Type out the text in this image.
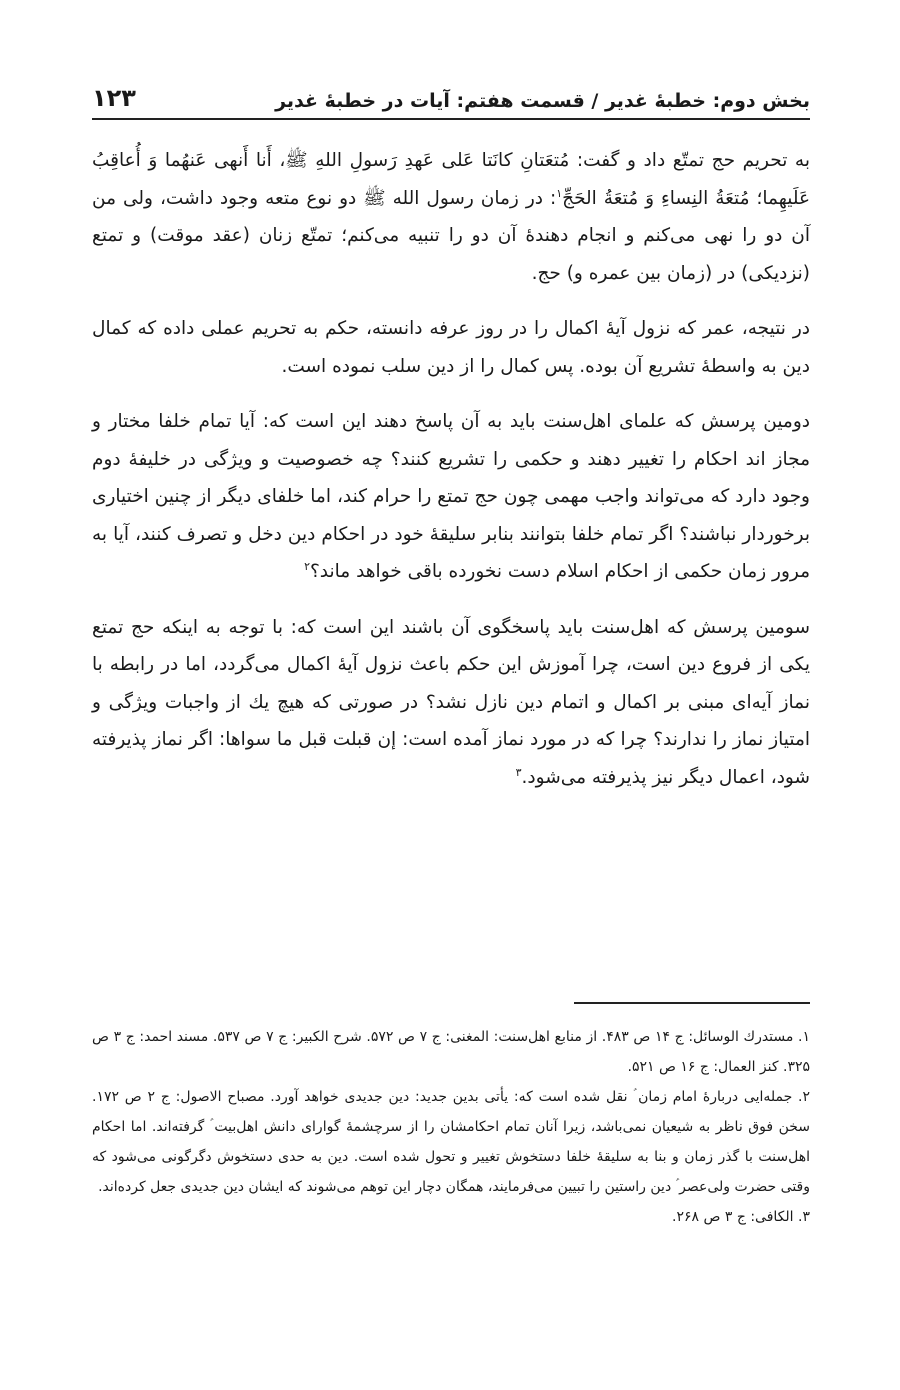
بخش دوم: خطبۀ غدیر / قسمت هفتم: آیات در خطبۀ غدیر
۱۲۳

به تحریم حج تمتّع داد و گفت: مُتعَتانِ كانَتا عَلی عَهدِ رَسولِ اللهِ ﷺ، أَنا أَنهی عَنهُما وَ أُعاقِبُ عَلَیهِما؛ مُتعَةُ النِساءِ وَ مُتعَةُ الحَجِّ$^۱$: در زمان رسول الله ﷺ دو نوع متعه وجود داشت، ولی من آن دو را نهی می‌کنم و انجام دهندۀ آن دو را تنبیه می‌کنم؛ تمتّع زنان (عقد موقت) و تمتع (نزدیكی) در (زمان بین عمره و) حج.

در نتیجه، عمر كه نزول آیۀ اكمال را در روز عرفه دانسته، حكم به تحریم عملی داده كه كمال دین به واسطۀ تشریع آن بوده. پس كمال را از دین سلب نموده است.

دومین پرسش كه علمای اهل‌سنت باید به آن پاسخ دهند این است كه: آیا تمام خلفا مختار و مجاز اند احكام را تغییر دهند و حكمی را تشریع كنند؟ چه خصوصیت و ویژگی در خلیفۀ دوم وجود دارد كه می‌تواند واجب مهمی چون حج تمتع را حرام كند، اما خلفای دیگر از چنین اختیاری برخوردار نباشند؟ اگر تمام خلفا بتوانند بنابر سلیقۀ خود در احكام دین دخل و تصرف كنند، آیا به مرور زمان حكمی از احكام اسلام دست نخورده باقی خواهد ماند؟$^۲$

سومین پرسش كه اهل‌سنت باید پاسخگوی آن باشند این است كه: با توجه به اینكه حج تمتع یكی از فروع دین است، چرا آموزش این حكم باعث نزول آیۀ اكمال می‌گردد، اما در رابطه با نماز آیه‌ای مبنی بر اكمال و اتمام دین نازل نشد؟ در صورتی كه هیچ یك از واجبات ویژگی و امتیاز نماز را ندارند؟ چرا كه در مورد نماز آمده است: إن قبلت قبل ما سواها: اگر نماز پذیرفته شود، اعمال دیگر نیز پذیرفته می‌شود.$^۳$

۱. مستدرك الوسائل: ج ۱۴ ص ۴۸۳. از منابع اهل‌سنت: المغنی: ج ۷ ص ۵۷۲. شرح الكبیر: ج ۷ ص ۵۳۷. مسند احمد: ج ۳ ص ۳۲۵. كنز العمال: ج ۱۶ ص ۵۲۱.

۲. جمله‌ایی دربارۀ امام زمان ؑ نقل شده است كه: یأتی بدین جدید: دین جدیدی خواهد آورد. مصباح الاصول: ج ۲ ص ۱۷۲. سخن فوق ناظر به شیعیان نمی‌باشد، زیرا آنان تمام احكامشان را از سرچشمۀ گوارای دانش اهل‌بیت ؑ گرفته‌اند. اما احكام اهل‌سنت با گذر زمان و بنا به سلیقۀ خلفا دستخوش تغییر و تحول شده است. دین به حدی دستخوش دگرگونی می‌شود كه وقتی حضرت ولی‌عصر ؑ دین راستین را تبیین می‌فرمایند، همگان دچار این توهم می‌شوند كه ایشان دین جدیدی جعل كرده‌اند.

۳. الكافی: ج ۳ ص ۲۶۸.
